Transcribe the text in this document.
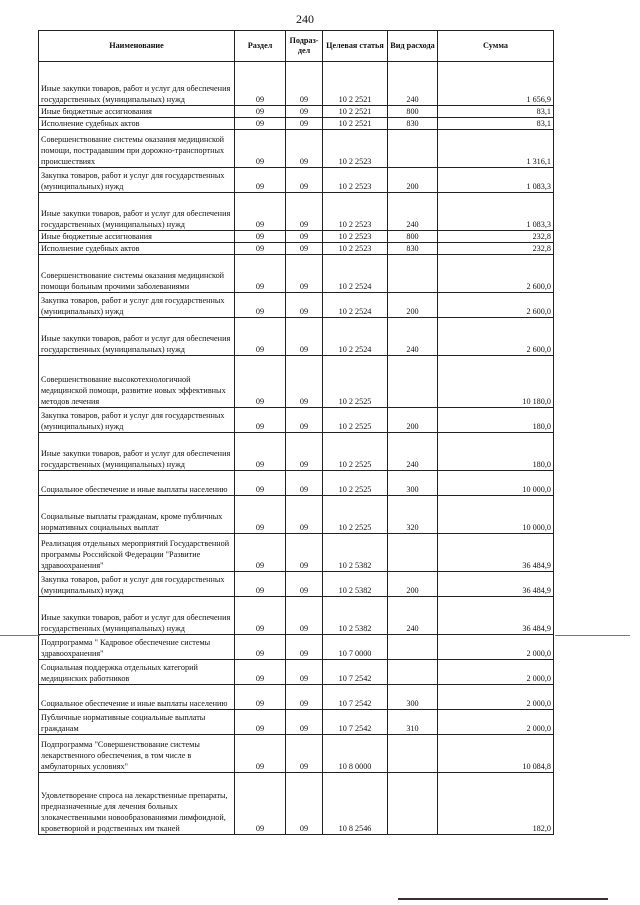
240
Наименование	Раздел	Подраз-дел	Целевая статья	Вид расхода	Сумма
Иные закупки товаров, работ и услуг для обеспечения государственных (муниципальных) нужд	09	09	10 2 2521	240	1 656,9
Иные бюджетные ассигнования	09	09	10 2 2521	800	83,1
Исполнение судебных актов	09	09	10 2 2521	830	83,1
Совершенствование системы оказания медицинской помощи, пострадавшим при дорожно-транспортных происшествиях	09	09	10 2 2523		1 316,1
Закупка товаров, работ и услуг для государственных (муниципальных) нужд	09	09	10 2 2523	200	1 083,3
Иные закупки товаров, работ и услуг для обеспечения государственных (муниципальных) нужд	09	09	10 2 2523	240	1 083,3
Иные бюджетные ассигнования	09	09	10 2 2523	800	232,8
Исполнение судебных актов	09	09	10 2 2523	830	232,8
Совершенствование системы оказания медицинской помощи больным прочими заболеваниями	09	09	10 2 2524		2 600,0
Закупка товаров, работ и услуг для государственных (муниципальных) нужд	09	09	10 2 2524	200	2 600,0
Иные закупки товаров, работ и услуг для обеспечения государственных (муниципальных) нужд	09	09	10 2 2524	240	2 600,0
Совершенствование высокотехнологичной медицинской помощи, развитие новых эффективных методов лечения	09	09	10 2 2525		10 180,0
Закупка товаров, работ и услуг для государственных (муниципальных) нужд	09	09	10 2 2525	200	180,0
Иные закупки товаров, работ и услуг для обеспечения государственных (муниципальных) нужд	09	09	10 2 2525	240	180,0
Социальное обеспечение и иные выплаты населению	09	09	10 2 2525	300	10 000,0
Социальные выплаты гражданам, кроме публичных нормативных социальных выплат	09	09	10 2 2525	320	10 000,0
Реализация отдельных мероприятий Государственной программы Российской Федерации "Развитие здравоохранения"	09	09	10 2 5382		36 484,9
Закупка товаров, работ и услуг для государственных (муниципальных) нужд	09	09	10 2 5382	200	36 484,9
Иные закупки товаров, работ и услуг для обеспечения государственных (муниципальных) нужд	09	09	10 2 5382	240	36 484,9
Подпрограмма " Кадровое обеспечение системы здравоохранения"	09	09	10 7 0000		2 000,0
Социальная поддержка отдельных категорий медицинских работников	09	09	10 7 2542		2 000,0
Социальное обеспечение и иные выплаты населению	09	09	10 7 2542	300	2 000,0
Публичные нормативные социальные выплаты гражданам	09	09	10 7 2542	310	2 000,0
Подпрограмма "Совершенствование системы лекарственного обеспечения, в том числе в амбулаторных условиях"	09	09	10 8 0000		10 084,8
Удовлетворение спроса на лекарственные препараты, предназначенные для лечения больных злокачественными новообразованиями лимфоидной, кроветворной и родственных им тканей	09	09	10 8 2546		182,0
